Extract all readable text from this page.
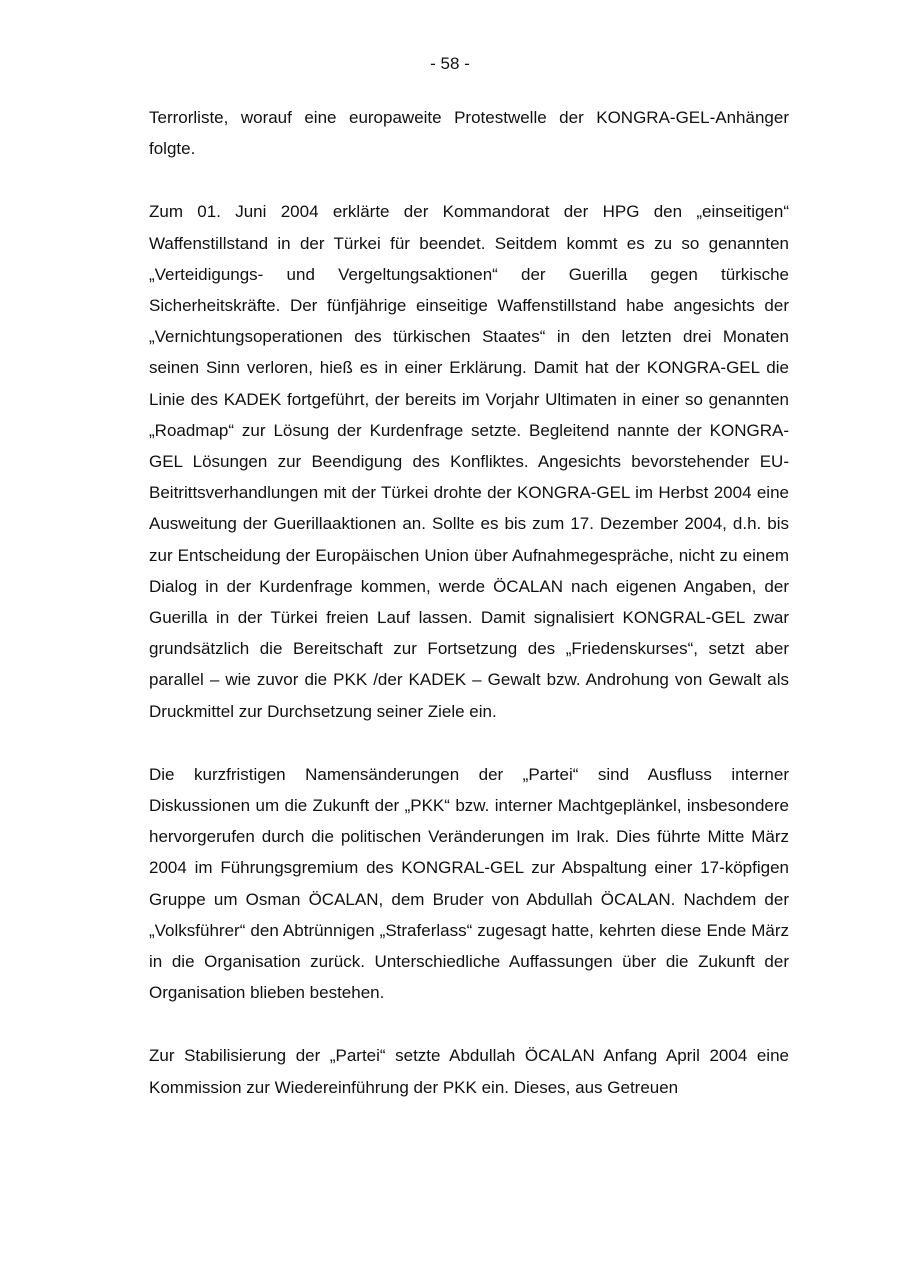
- 58 -

Terrorliste, worauf eine europaweite Protestwelle der KONGRA-GEL-Anhänger folgte.

Zum 01. Juni 2004 erklärte der Kommandorat der HPG den „einseitigen“ Waffenstillstand in der Türkei für beendet. Seitdem kommt es zu so genannten „Verteidigungs- und Vergeltungsaktionen“ der Guerilla gegen türkische Sicherheitskräfte. Der fünfjährige einseitige Waffenstillstand habe angesichts der „Vernichtungsoperationen des türkischen Staates“ in den letzten drei Monaten seinen Sinn verloren, hieß es in einer Erklärung. Damit hat der KONGRA-GEL die Linie des KADEK fortgeführt, der bereits im Vorjahr Ultimaten in einer so genannten „Roadmap“ zur Lösung der Kurdenfrage setzte. Begleitend nannte der KONGRA-GEL Lösungen zur Beendigung des Konfliktes. Angesichts bevorstehender EU-Beitrittsverhandlungen mit der Türkei drohte der KONGRA-GEL im Herbst 2004 eine Ausweitung der Guerillaaktionen an. Sollte es bis zum 17. Dezember 2004, d.h. bis zur Entscheidung der Europäischen Union über Aufnahmegespräche, nicht zu einem Dialog in der Kurdenfrage kommen, werde ÖCALAN nach eigenen Angaben, der Guerilla in der Türkei freien Lauf lassen. Damit signalisiert KONGRAL-GEL zwar grundsätzlich die Bereitschaft zur Fortsetzung des „Friedenskurses“, setzt aber parallel – wie zuvor die PKK /der KADEK – Gewalt bzw. Androhung von Gewalt als Druckmittel zur Durchsetzung seiner Ziele ein.

Die kurzfristigen Namensänderungen der „Partei“ sind Ausfluss interner Diskussionen um die Zukunft der „PKK“ bzw. interner Machtgeplänkel, insbesondere hervorgerufen durch die politischen Veränderungen im Irak. Dies führte Mitte März 2004 im Führungsgremium des KONGRAL-GEL zur Abspaltung einer 17-köpfigen Gruppe um Osman ÖCALAN, dem Bruder von Abdullah ÖCALAN. Nachdem der „Volksführer“ den Abtrünnigen „Straferlass“ zugesagt hatte, kehrten diese Ende März in die Organisation zurück. Unterschiedliche Auffassungen über die Zukunft der Organisation blieben bestehen.

Zur Stabilisierung der „Partei“ setzte Abdullah ÖCALAN Anfang April 2004 eine Kommission zur Wiedereinführung der PKK ein. Dieses, aus Getreuen
